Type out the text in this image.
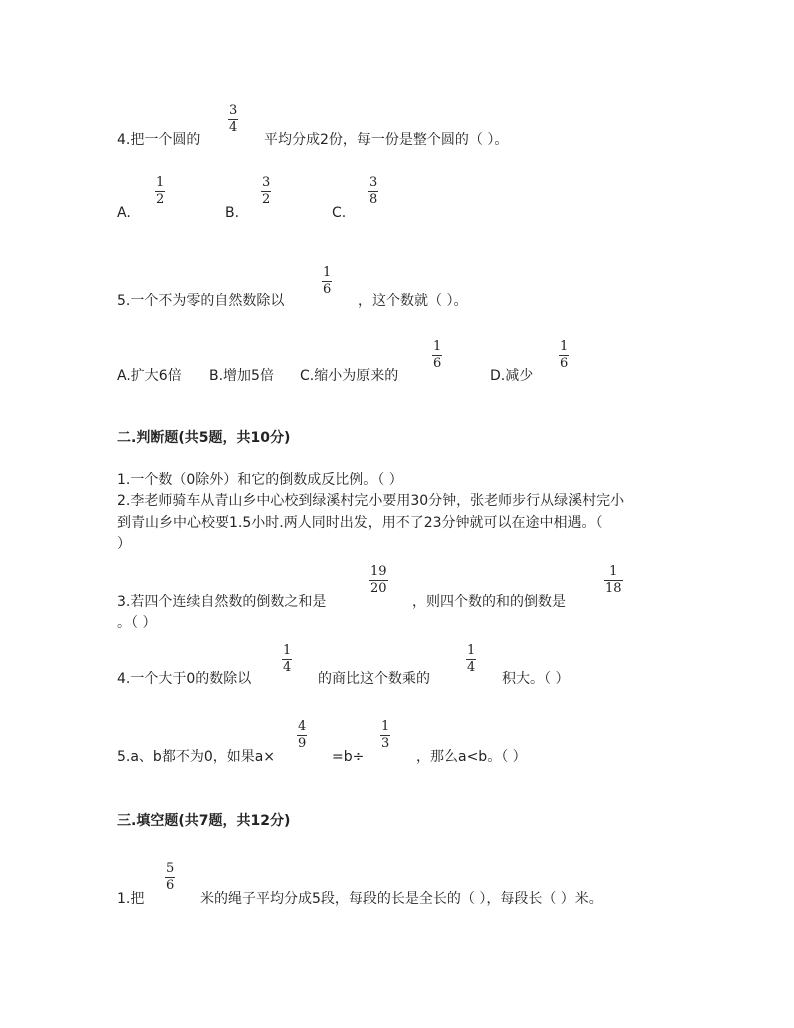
4.把一个圆的
3
4
平均分成2份，每一份是整个圆的（ ）。
A.
1
2
B.
3
2
C.
3
8
5.一个不为零的自然数除以
1
6
，这个数就（ ）。
A.扩大6倍 B.增加5倍 C.缩小为原来的
1
6
D.减少
1
6
二.判断题(共5题，共10分)
1.一个数（0除外）和它的倒数成反比例。（ ）
2.李老师骑车从青山乡中心校到绿溪村完小要用30分钟，张老师步行从绿溪村完小
到青山乡中心校要1.5小时.两人同时出发，用不了23分钟就可以在途中相遇。（
）
3.若四个连续自然数的倒数之和是
19
20
，则四个数的和的倒数是
1
18
。（ ）
4.一个大于0的数除以
1
4
的商比这个数乘的
1
4
积大。（ ）
5.a、b都不为0，如果a×
4
9
=b÷
1
3
，那么a<b。（ ）
三.填空题(共7题，共12分)
1.把
5
6
米的绳子平均分成5段，每段的长是全长的（ ），每段长（ ）米。
